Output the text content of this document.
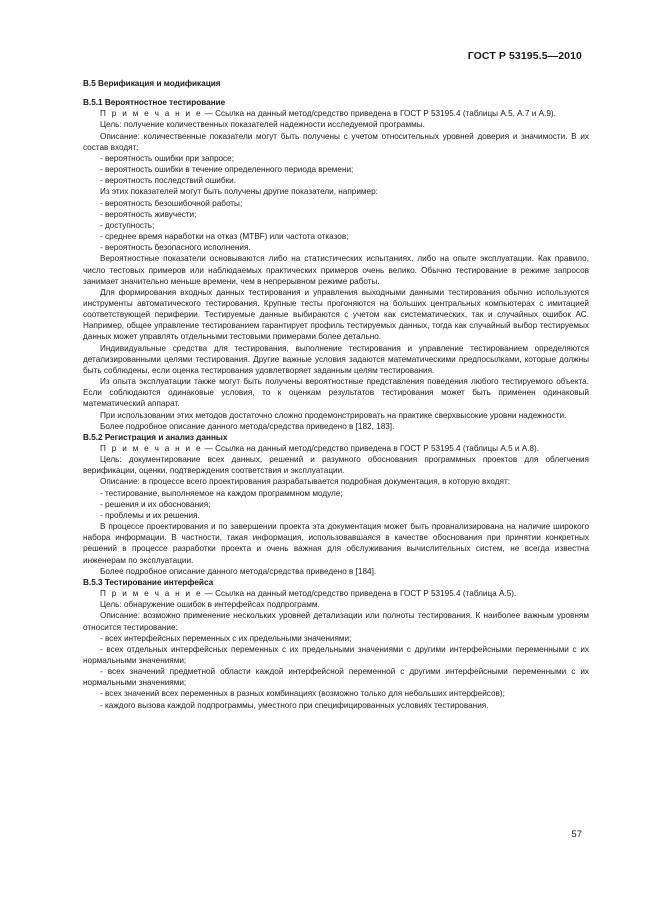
ГОСТ Р 53195.5—2010

В.5 Верификация и модификация

В.5.1 Вероятностное тестирование

П р и м е ч а н и е — Ссылка на данный метод/средство приведена в ГОСТ Р 53195.4 (таблицы А.5, А.7 и А.9).

Цель: получение количественных показателей надежности исследуемой программы.

Описание: количественные показатели могут быть получены с учетом относительных уровней доверия и значимости. В их состав входят:

- вероятность ошибки при запросе;

- вероятность ошибки в течение определенного периода времени;

- вероятность последствий ошибки.

Из этих показателей могут быть получены другие показатели, например:

- вероятность безошибочной работы;

- вероятность живучести;

- доступность;

- среднее время наработки на отказ (MTBF) или частота отказов;

- вероятность безопасного исполнения.

Вероятностные показатели основываются либо на статистических испытаниях, либо на опыте эксплуатации. Как правило, число тестовых примеров или наблюдаемых практических примеров очень велико. Обычно тестирование в режиме запросов занимает значительно меньше времени, чем в непрерывном режиме работы.

Для формирования входных данных тестирования и управления выходными данными тестирования обычно используются инструменты автоматического тестирования. Крупные тесты прогоняются на больших центральных компьютерах с имитацией соответствующей периферии. Тестируемые данные выбираются с учетом как систематических, так и случайных ошибок АС. Например, общее управление тестированием гарантирует профиль тестируемых данных, тогда как случайный выбор тестируемых данных может управлять отдельными тестовыми примерами более детально.

Индивидуальные средства для тестирования, выполнение тестирования и управление тестированием определяются детализированными целями тестирования. Другие важные условия задаются математическими предпосылками, которые должны быть соблюдены, если оценка тестирования удовлетворяет заданным целям тестирования.

Из опыта эксплуатации также могут быть получены вероятностные представления поведения любого тестируемого объекта. Если соблюдаются одинаковые условия, то к оценкам результатов тестирования может быть применен одинаковый математический аппарат.

При использовании этих методов достаточно сложно продемонстрировать на практике сверхвысокие уровни надежности.

Более подробное описание данного метода/средства приведено в [182, 183].

В.5.2 Регистрация и анализ данных

П р и м е ч а н и е — Ссылка на данный метод/средство приведена в ГОСТ Р 53195.4 (таблицы А.5 и А.8).

Цель: документирование всех данных, решений и разумного обоснования программных проектов для облегчения верификации, оценки, подтверждения соответствия и эксплуатации.

Описание: в процессе всего проектирования разрабатывается подробная документация, в которую входят:

- тестирование, выполняемое на каждом программном модуле;

- решения и их обоснования;

- проблемы и их решения.

В процессе проектирования и по завершении проекта эта документация может быть проанализирована на наличие широкого набора информации. В частности, такая информация, использовавшаяся в качестве обоснования при принятии конкретных решений в процессе разработки проекта и очень важная для обслуживания вычислительных систем, не всегда известна инженерам по эксплуатации.

Более подробное описание данного метода/средства приведено в [184].

В.5.3 Тестирование интерфейса

П р и м е ч а н и е — Ссылка на данный метод/средство приведена в ГОСТ Р 53195.4 (таблица А.5).

Цель: обнаружение ошибок в интерфейсах подпрограмм.

Описание: возможно применение нескольких уровней детализации или полноты тестирования. К наиболее важным уровням относится тестирование:

- всех интерфейсных переменных с их предельными значениями;

- всех отдельных интерфейсных переменных с их предельными значениями с другими интерфейсными переменными с их нормальными значениями;

- всех значений предметной области каждой интерфейсной переменной с другими интерфейсными переменными с их нормальными значениями;

- всех значений всех переменных в разных комбинациях (возможно только для небольших интерфейсов);

- каждого вызова каждой подпрограммы, уместного при специфицированных условиях тестирования.

57
